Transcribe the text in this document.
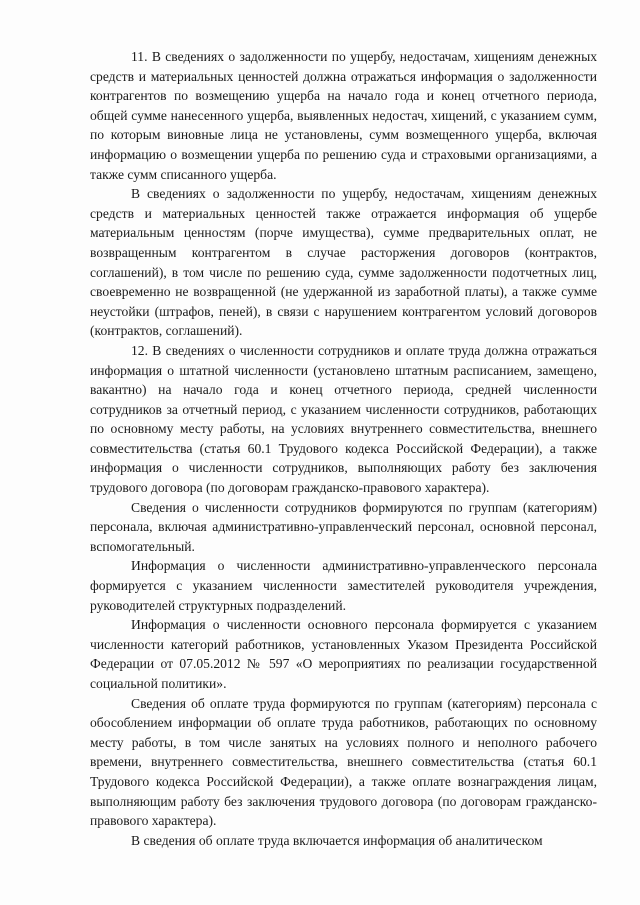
11. В сведениях о задолженности по ущербу, недостачам, хищениям денежных средств и материальных ценностей должна отражаться информация о задолженности контрагентов по возмещению ущерба на начало года и конец отчетного периода, общей сумме нанесенного ущерба, выявленных недостач, хищений, с указанием сумм, по которым виновные лица не установлены, сумм возмещенного ущерба, включая информацию о возмещении ущерба по решению суда и страховыми организациями, а также сумм списанного ущерба.

В сведениях о задолженности по ущербу, недостачам, хищениям денежных средств и материальных ценностей также отражается информация об ущербе материальным ценностям (порче имущества), сумме предварительных оплат, не возвращенным контрагентом в случае расторжения договоров (контрактов, соглашений), в том числе по решению суда, сумме задолженности подотчетных лиц, своевременно не возвращенной (не удержанной из заработной платы), а также сумме неустойки (штрафов, пеней), в связи с нарушением контрагентом условий договоров (контрактов, соглашений).

12. В сведениях о численности сотрудников и оплате труда должна отражаться информация о штатной численности (установлено штатным расписанием, замещено, вакантно) на начало года и конец отчетного периода, средней численности сотрудников за отчетный период, с указанием численности сотрудников, работающих по основному месту работы, на условиях внутреннего совместительства, внешнего совместительства (статья 60.1 Трудового кодекса Российской Федерации), а также информация о численности сотрудников, выполняющих работу без заключения трудового договора (по договорам гражданско-правового характера).

Сведения о численности сотрудников формируются по группам (категориям) персонала, включая административно-управленческий персонал, основной персонал, вспомогательный.

Информация о численности административно-управленческого персонала формируется с указанием численности заместителей руководителя учреждения, руководителей структурных подразделений.

Информация о численности основного персонала формируется с указанием численности категорий работников, установленных Указом Президента Российской Федерации от 07.05.2012 № 597 «О мероприятиях по реализации государственной социальной политики».

Сведения об оплате труда формируются по группам (категориям) персонала с обособлением информации об оплате труда работников, работающих по основному месту работы, в том числе занятых на условиях полного и неполного рабочего времени, внутреннего совместительства, внешнего совместительства (статья 60.1 Трудового кодекса Российской Федерации), а также оплате вознаграждения лицам, выполняющим работу без заключения трудового договора (по договорам гражданско-правового характера).

В сведения об оплате труда включается информация об аналитическом
